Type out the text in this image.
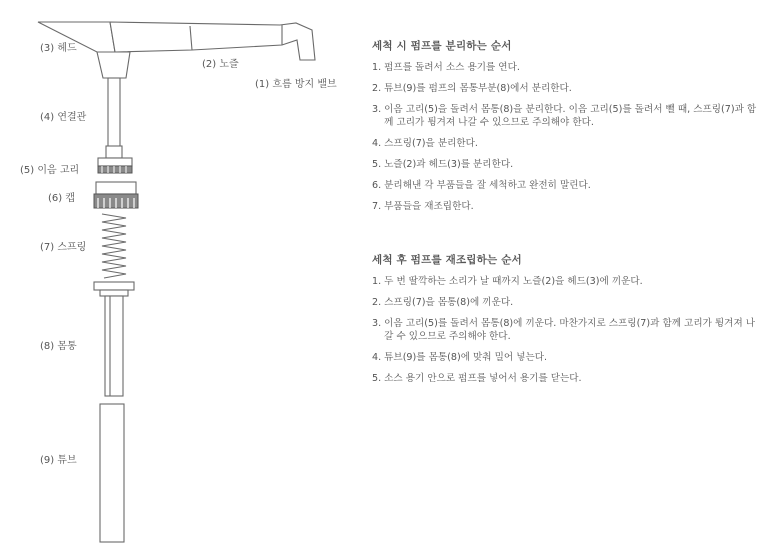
(3) 헤드
(2) 노즐
(1) 흐름 방지 밸브
(4) 연결관
(5) 이음 고리
(6) 캡
(7) 스프링
(8) 몸통
(9) 튜브
세척 시 펌프를 분리하는 순서
1. 펌프를 돌려서 소스 용기를 연다.
2. 튜브(9)를 펌프의 몸통부분(8)에서 분리한다.
3. 이음 고리(5)을 돌려서 몸통(8)을 분리한다. 이음 고리(5)를 돌려서 뺄 때, 스프링(7)과 함께 고리가 튕겨져 나갈 수 있으므로 주의해야 한다.
4. 스프링(7)을 분리한다.
5. 노즐(2)과 헤드(3)를 분리한다.
6. 분리해낸 각 부품들을 잘 세척하고 완전히 말린다.
7. 부품들을 재조립한다.
세척 후 펌프를 재조립하는 순서
1. 두 번 딸깍하는 소리가 날 때까지 노즐(2)을 헤드(3)에 끼운다.
2. 스프링(7)을 몸통(8)에 끼운다.
3. 이음 고리(5)를 돌려서 몸통(8)에 끼운다. 마찬가지로 스프링(7)과 함께 고리가 튕겨져 나갈 수 있으므로 주의해야 한다.
4. 튜브(9)를 몸통(8)에 맞춰 밀어 넣는다.
5. 소스 용기 안으로 펌프를 넣어서 용기를 닫는다.
